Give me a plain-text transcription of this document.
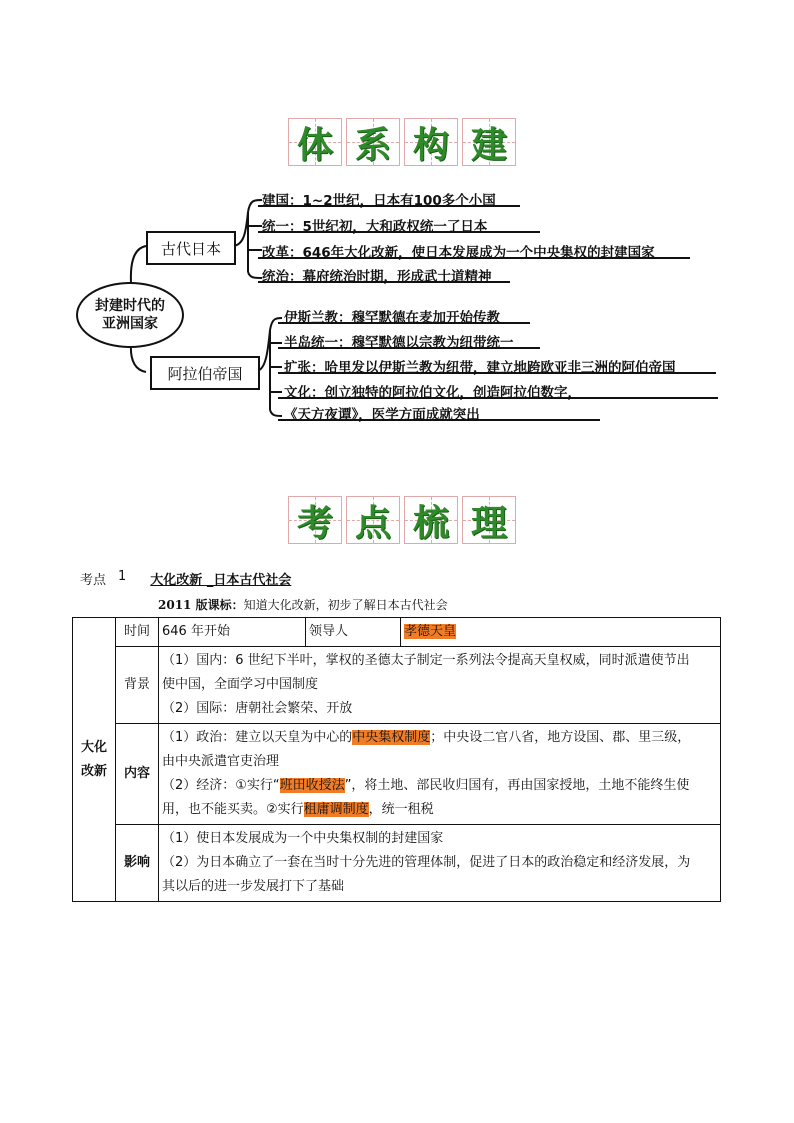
体 系 构 建
封建时代的
亚洲国家
古代日本
建国：1~2世纪，日本有100多个小国
统一：5世纪初，大和政权统一了日本
改革：646年大化改新，使日本发展成为一个中央集权的封建国家
统治：幕府统治时期，形成武士道精神
阿拉伯帝国
伊斯兰教：穆罕默德在麦加开始传教
半岛统一：穆罕默德以宗教为纽带统一
扩张：哈里发以伊斯兰教为纽带，建立地跨欧亚非三洲的阿伯帝国
文化：创立独特的阿拉伯文化，创造阿拉伯数字，
《天方夜谭》，医学方面成就突出
考 点 梳 理
考点 1 大化改新 _日本古代社会
2011 版课标：知道大化改新，初步了解日本古代社会
大化
改新	时间	646 年开始	领导人	孝德天皇
	背景	（1）国内：6 世纪下半叶，掌权的圣德太子制定一系列法令提高天皇权威，同时派遣使节出
使中国，全面学习中国制度
（2）国际：唐朝社会繁荣、开放		

	内容	（1）政治：建立以天皇为中心的中央集权制度；中央设二官八省，地方设国、郡、里三级，
由中央派遣官吏治理
（2）经济：①实行“班田收授法”，将土地、部民收归国有，再由国家授地，土地不能终生使
用，也不能买卖。②实行租庸调制度，统一租税		

	影响	（1）使日本发展成为一个中央集权制的封建国家
（2）为日本确立了一套在当时十分先进的管理体制，促进了日本的政治稳定和经济发展，为
其以后的进一步发展打下了基础		
